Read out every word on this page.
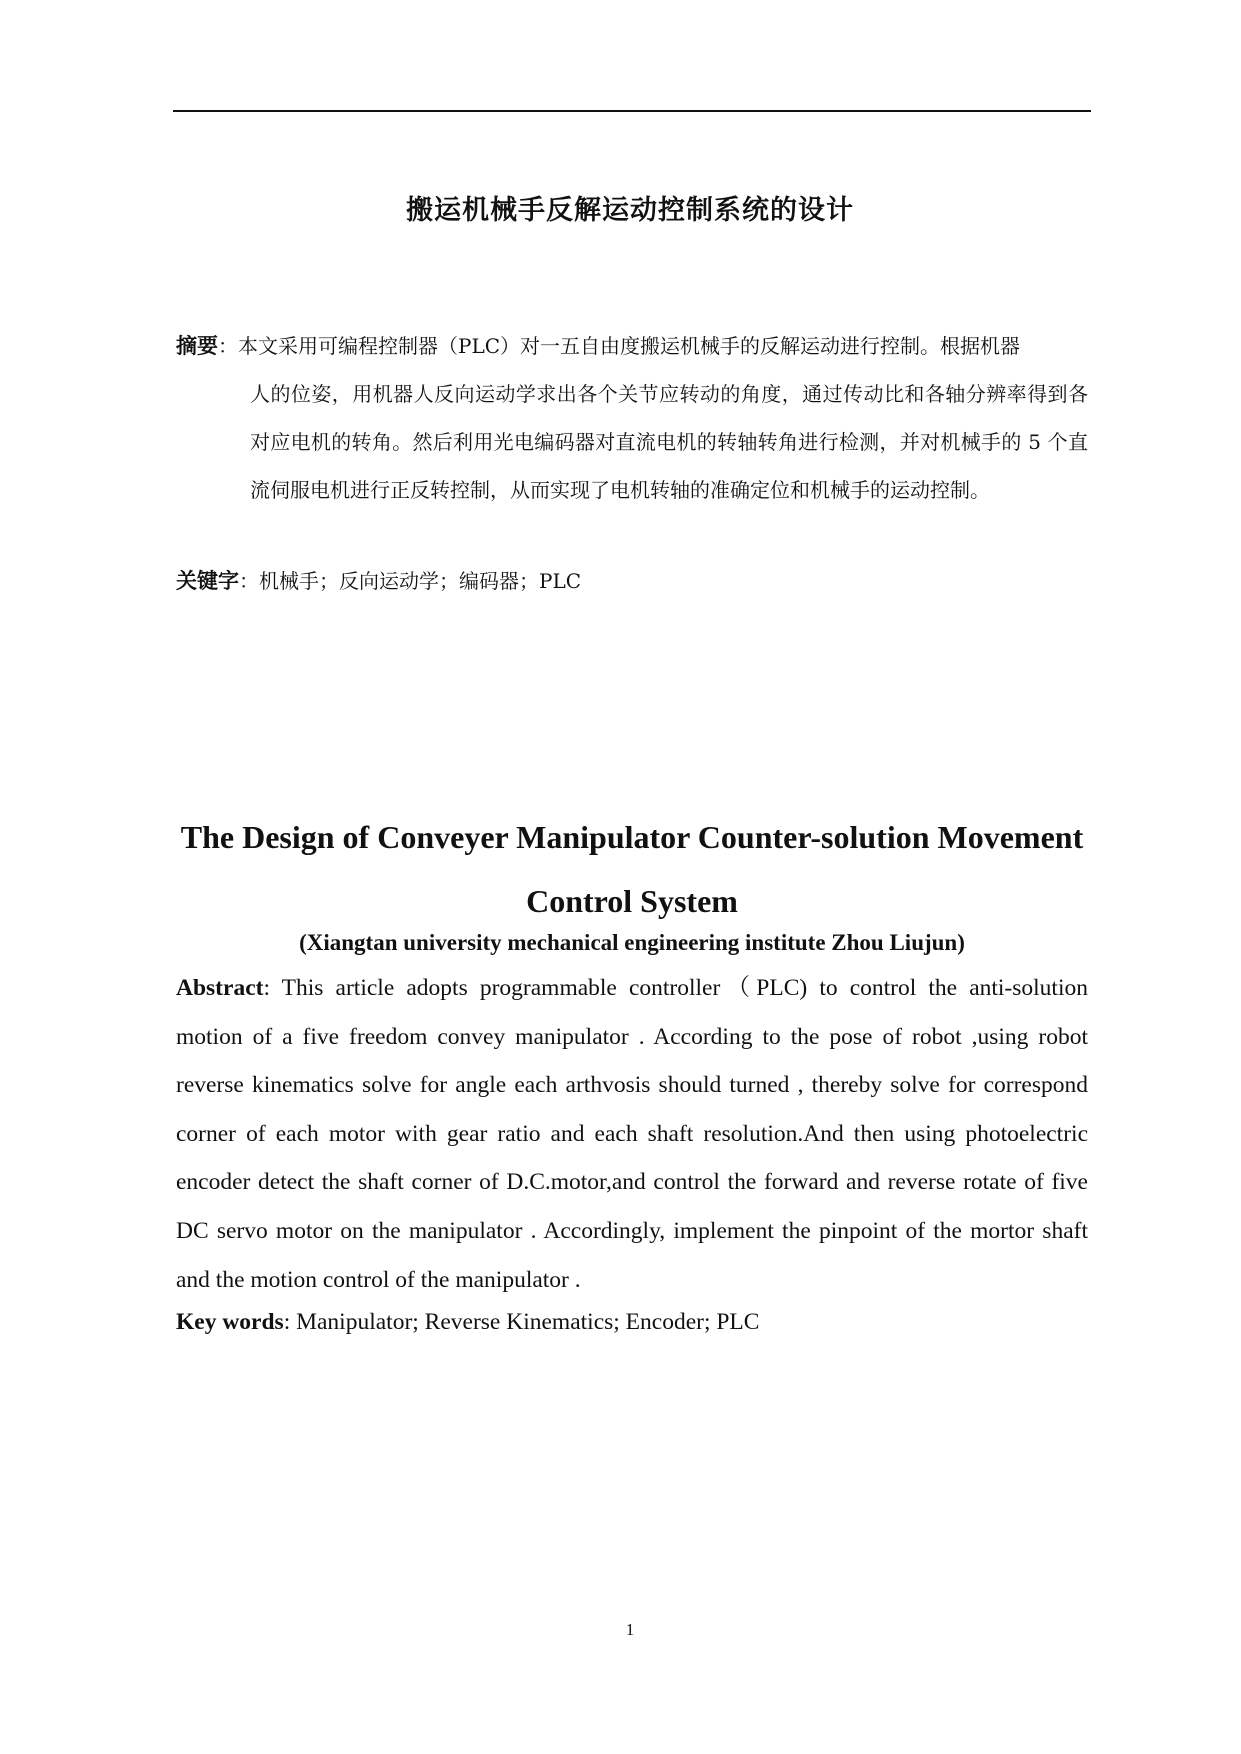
搬运机械手反解运动控制系统的设计
摘要：本文采用可编程控制器（PLC）对一五自由度搬运机械手的反解运动进行控制。根据机器
人的位姿，用机器人反向运动学求出各个关节应转动的角度，通过传动比和各轴分辨率得到各对应电机的转角。然后利用光电编码器对直流电机的转轴转角进行检测，并对机械手的 5 个直流伺服电机进行正反转控制，从而实现了电机转轴的准确定位和机械手的运动控制。
关键字：机械手；反向运动学；编码器；PLC
The Design of Conveyer Manipulator Counter-solution Movement Control System
(Xiangtan university mechanical engineering institute Zhou Liujun)
Abstract: This article adopts programmable controller（PLC) to control the anti-solution motion of a five freedom convey manipulator . According to the pose of robot ,using robot reverse kinematics solve for angle each arthvosis should turned , thereby solve for correspond corner of each motor with gear ratio and each shaft resolution.And then using photoelectric encoder detect the shaft corner of D.C.motor,and control the forward and reverse rotate of five DC servo motor on the manipulator . Accordingly, implement the pinpoint of the mortor shaft and the motion control of the manipulator .
Key words: Manipulator; Reverse Kinematics; Encoder; PLC
1
